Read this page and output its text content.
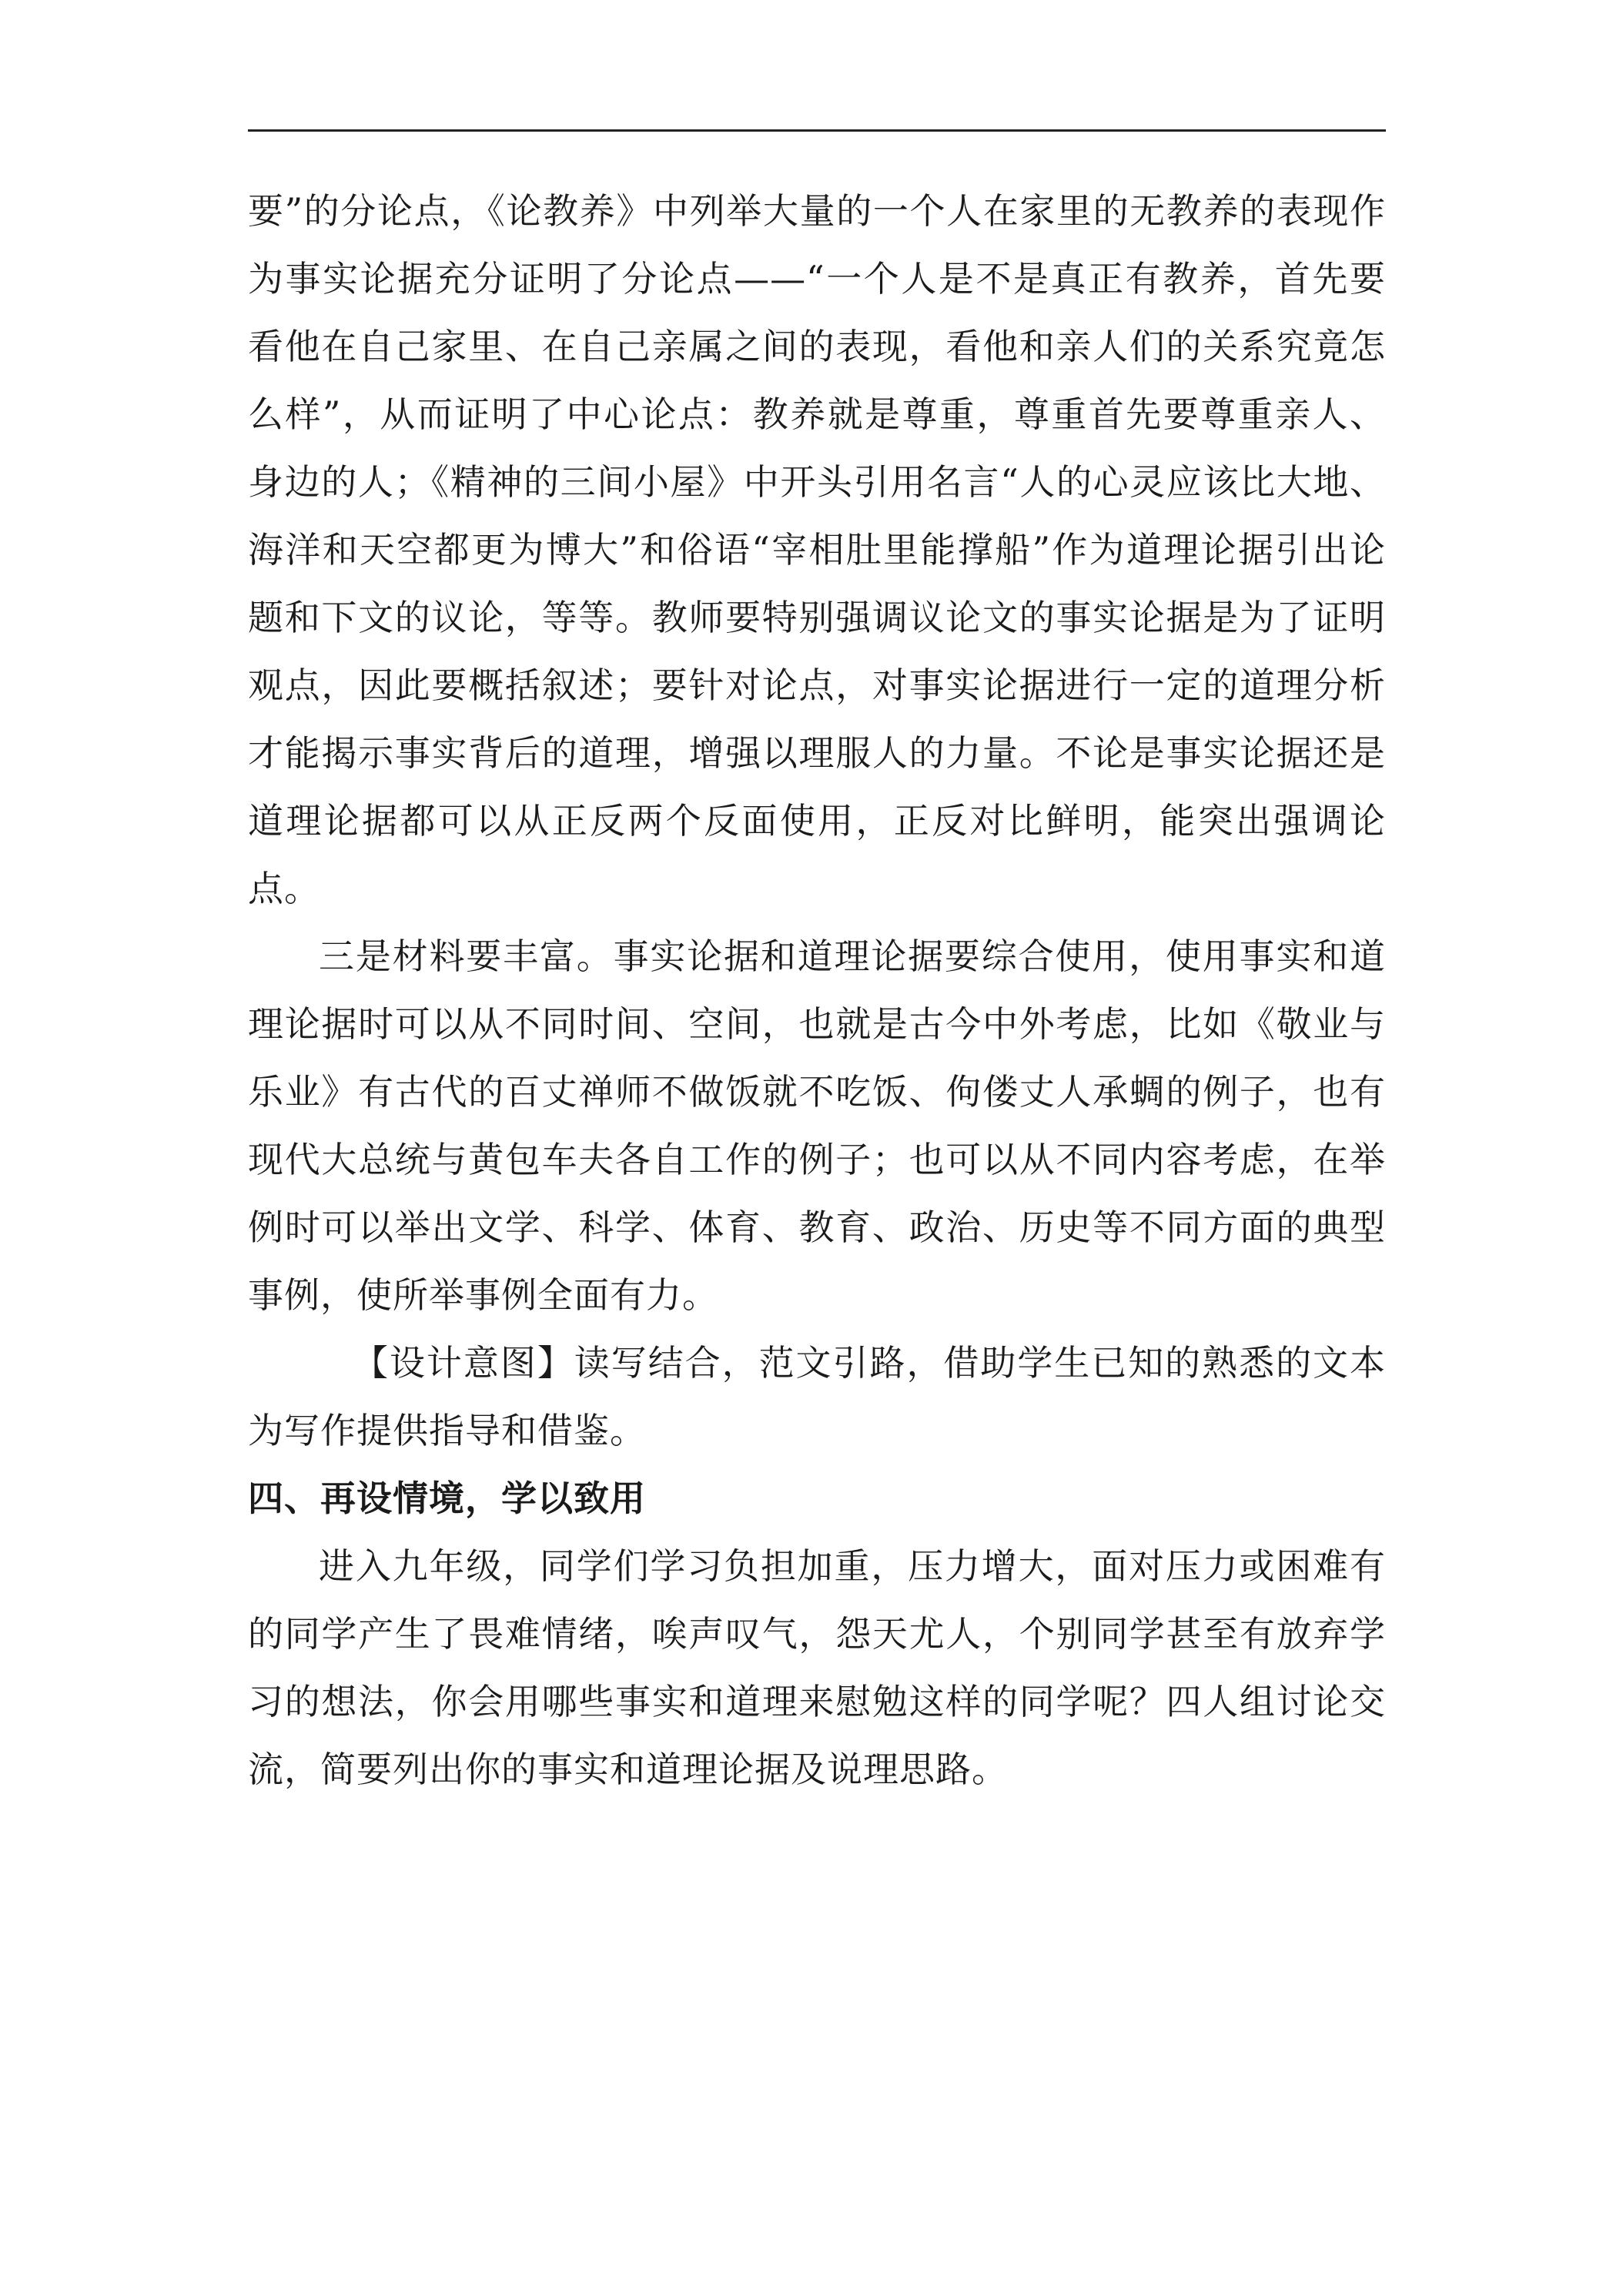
要”的分论点，《论教养》中列举大量的一个人在家里的无教养的表现作为事实论据充分证明了分论点——“一个人是不是真正有教养，首先要看他在自己家里、在自己亲属之间的表现，看他和亲人们的关系究竟怎么样”，从而证明了中心论点：教养就是尊重，尊重首先要尊重亲人、身边的人；《精神的三间小屋》中开头引用名言“人的心灵应该比大地、海洋和天空都更为博大”和俗语“宰相肚里能撑船”作为道理论据引出论题和下文的议论，等等。教师要特别强调议论文的事实论据是为了证明观点，因此要概括叙述；要针对论点，对事实论据进行一定的道理分析才能揭示事实背后的道理，增强以理服人的力量。不论是事实论据还是道理论据都可以从正反两个反面使用，正反对比鲜明，能突出强调论点。

三是材料要丰富。事实论据和道理论据要综合使用，使用事实和道理论据时可以从不同时间、空间，也就是古今中外考虑，比如《敬业与乐业》有古代的百丈禅师不做饭就不吃饭、佝偻丈人承蜩的例子，也有现代大总统与黄包车夫各自工作的例子；也可以从不同内容考虑，在举例时可以举出文学、科学、体育、教育、政治、历史等不同方面的典型事例，使所举事例全面有力。

【设计意图】读写结合，范文引路，借助学生已知的熟悉的文本为写作提供指导和借鉴。

四、再设情境，学以致用

进入九年级，同学们学习负担加重，压力增大，面对压力或困难有的同学产生了畏难情绪，唉声叹气，怨天尤人，个别同学甚至有放弃学习的想法，你会用哪些事实和道理来慰勉这样的同学呢？四人组讨论交流，简要列出你的事实和道理论据及说理思路。
